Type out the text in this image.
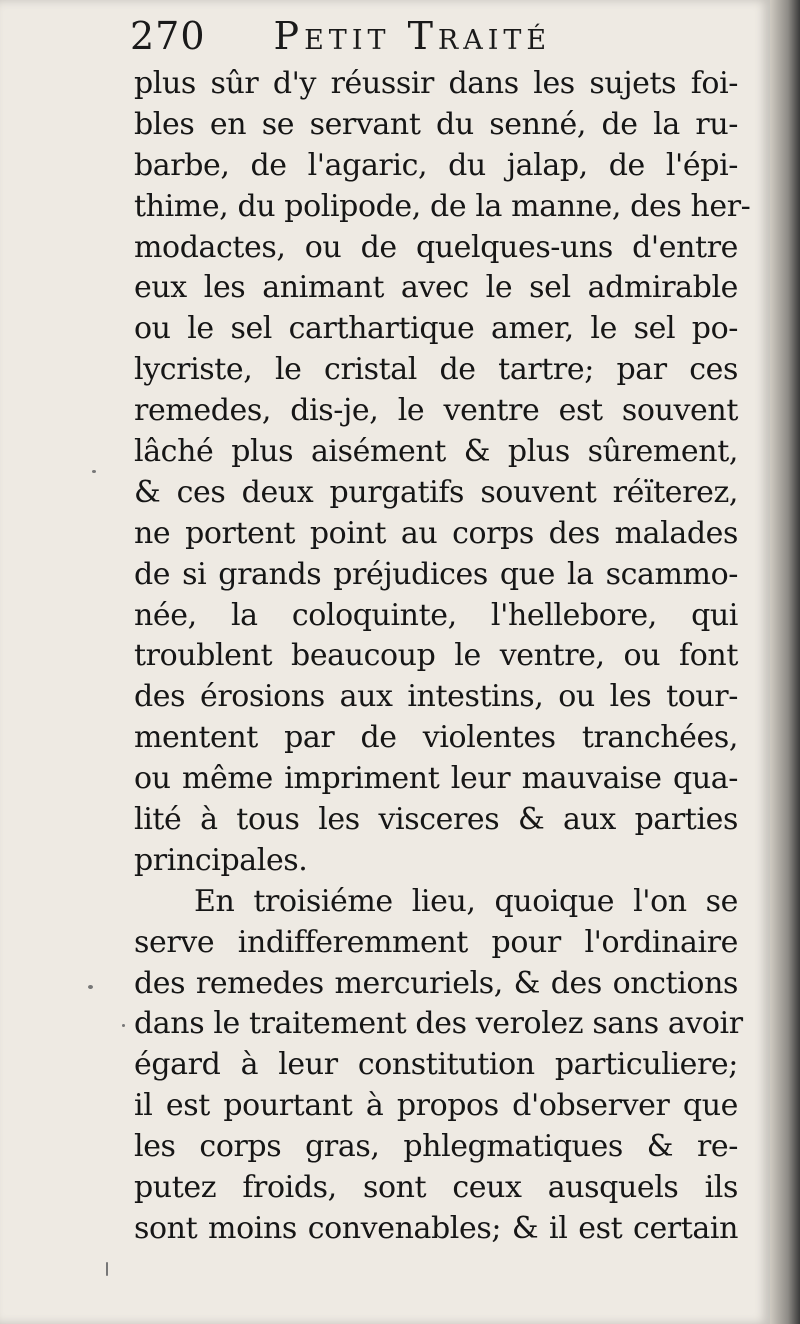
270 Petit Traité
plus sûr d'y réussir dans les sujets foi-
bles en se servant du senné, de la ru-
barbe, de l'agaric, du jalap, de l'épi-
thime, du polipode, de la manne, des her-
modactes, ou de quelques-uns d'entre
eux les animant avec le sel admirable
ou le sel carthartique amer, le sel po-
lycriste, le cristal de tartre; par ces
remedes, dis-je, le ventre est souvent
lâché plus aisément & plus sûrement,
& ces deux purgatifs souvent réïterez,
ne portent point au corps des malades
de si grands préjudices que la scammo-
née, la coloquinte, l'hellebore, qui
troublent beaucoup le ventre, ou font
des érosions aux intestins, ou les tour-
mentent par de violentes tranchées,
ou même impriment leur mauvaise qua-
lité à tous les visceres & aux parties
principales.
En troisiéme lieu, quoique l'on se
serve indifferemment pour l'ordinaire
des remedes mercuriels, & des onctions
dans le traitement des verolez sans avoir
égard à leur constitution particuliere;
il est pourtant à propos d'observer que
les corps gras, phlegmatiques & re-
putez froids, sont ceux ausquels ils
sont moins convenables; & il est certain
